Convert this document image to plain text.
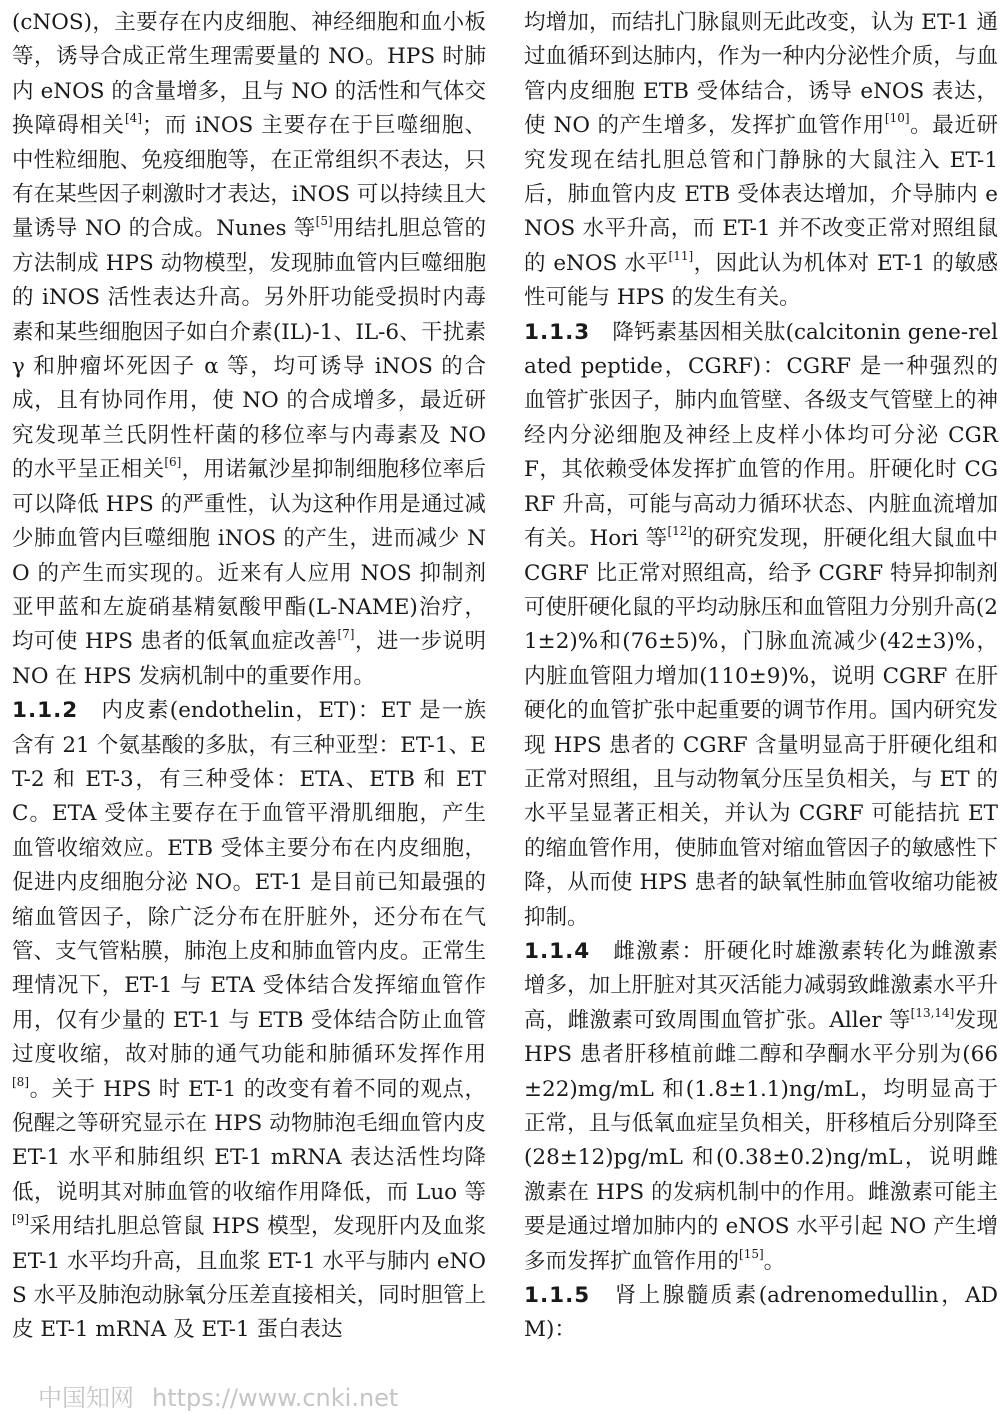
(cNOS)，主要存在内皮细胞、神经细胞和血小板等，诱导合成正常生理需要量的 NO。HPS 时肺内 eNOS 的含量增多，且与 NO 的活性和气体交换障碍相关[4]；而 iNOS 主要存在于巨噬细胞、中性粒细胞、免疫细胞等，在正常组织不表达，只有在某些因子刺激时才表达，iNOS 可以持续且大量诱导 NO 的合成。Nunes 等[5]用结扎胆总管的方法制成 HPS 动物模型，发现肺血管内巨噬细胞的 iNOS 活性表达升高。另外肝功能受损时内毒素和某些细胞因子如白介素(IL)-1、IL-6、干扰素 γ 和肿瘤坏死因子 α 等，均可诱导 iNOS 的合成，且有协同作用，使 NO 的合成增多，最近研究发现革兰氏阴性杆菌的移位率与内毒素及 NO 的水平呈正相关[6]，用诺氟沙星抑制细胞移位率后可以降低 HPS 的严重性，认为这种作用是通过减少肺血管内巨噬细胞 iNOS 的产生，进而减少 NO 的产生而实现的。近来有人应用 NOS 抑制剂亚甲蓝和左旋硝基精氨酸甲酯(L-NAME)治疗，均可使 HPS 患者的低氧血症改善[7]，进一步说明 NO 在 HPS 发病机制中的重要作用。

1.1.2 内皮素(endothelin，ET)：ET 是一族含有 21 个氨基酸的多肽，有三种亚型：ET-1、ET-2 和 ET-3，有三种受体：ETA、ETB 和 ETC。ETA 受体主要存在于血管平滑肌细胞，产生血管收缩效应。ETB 受体主要分布在内皮细胞，促进内皮细胞分泌 NO。ET-1 是目前已知最强的缩血管因子，除广泛分布在肝脏外，还分布在气管、支气管粘膜，肺泡上皮和肺血管内皮。正常生理情况下，ET-1 与 ETA 受体结合发挥缩血管作用，仅有少量的 ET-1 与 ETB 受体结合防止血管过度收缩，故对肺的通气功能和肺循环发挥作用[8]。关于 HPS 时 ET-1 的改变有着不同的观点，倪醒之等研究显示在 HPS 动物肺泡毛细血管内皮 ET-1 水平和肺组织 ET-1 mRNA 表达活性均降低，说明其对肺血管的收缩作用降低，而 Luo 等[9]采用结扎胆总管鼠 HPS 模型，发现肝内及血浆 ET-1 水平均升高，且血浆 ET-1 水平与肺内 eNOS 水平及肺泡动脉氧分压差直接相关，同时胆管上皮 ET-1 mRNA 及 ET-1 蛋白表达

均增加，而结扎门脉鼠则无此改变，认为 ET-1 通过血循环到达肺内，作为一种内分泌性介质，与血管内皮细胞 ETB 受体结合，诱导 eNOS 表达，使 NO 的产生增多，发挥扩血管作用[10]。最近研究发现在结扎胆总管和门静脉的大鼠注入 ET-1 后，肺血管内皮 ETB 受体表达增加，介导肺内 eNOS 水平升高，而 ET-1 并不改变正常对照组鼠的 eNOS 水平[11]，因此认为机体对 ET-1 的敏感性可能与 HPS 的发生有关。

1.1.3 降钙素基因相关肽(calcitonin gene-related peptide，CGRF)：CGRF 是一种强烈的血管扩张因子，肺内血管壁、各级支气管壁上的神经内分泌细胞及神经上皮样小体均可分泌 CGRF，其依赖受体发挥扩血管的作用。肝硬化时 CGRF 升高，可能与高动力循环状态、内脏血流增加有关。Hori 等[12]的研究发现，肝硬化组大鼠血中 CGRF 比正常对照组高，给予 CGRF 特异抑制剂可使肝硬化鼠的平均动脉压和血管阻力分别升高(21±2)%和(76±5)%，门脉血流减少(42±3)%，内脏血管阻力增加(110±9)%，说明 CGRF 在肝硬化的血管扩张中起重要的调节作用。国内研究发现 HPS 患者的 CGRF 含量明显高于肝硬化组和正常对照组，且与动物氧分压呈负相关，与 ET 的水平呈显著正相关，并认为 CGRF 可能拮抗 ET 的缩血管作用，使肺血管对缩血管因子的敏感性下降，从而使 HPS 患者的缺氧性肺血管收缩功能被抑制。

1.1.4 雌激素：肝硬化时雄激素转化为雌激素增多，加上肝脏对其灭活能力减弱致雌激素水平升高，雌激素可致周围血管扩张。Aller 等[13,14]发现 HPS 患者肝移植前雌二醇和孕酮水平分别为(66±22)mg/mL 和(1.8±1.1)ng/mL，均明显高于正常，且与低氧血症呈负相关，肝移植后分别降至(28±12)pg/mL 和(0.38±0.2)ng/mL，说明雌激素在 HPS 的发病机制中的作用。雌激素可能主要是通过增加肺内的 eNOS 水平引起 NO 产生增多而发挥扩血管作用的[15]。

1.1.5 肾上腺髓质素(adrenomedullin，ADM)：

中国知网 https://www.cnki.net
